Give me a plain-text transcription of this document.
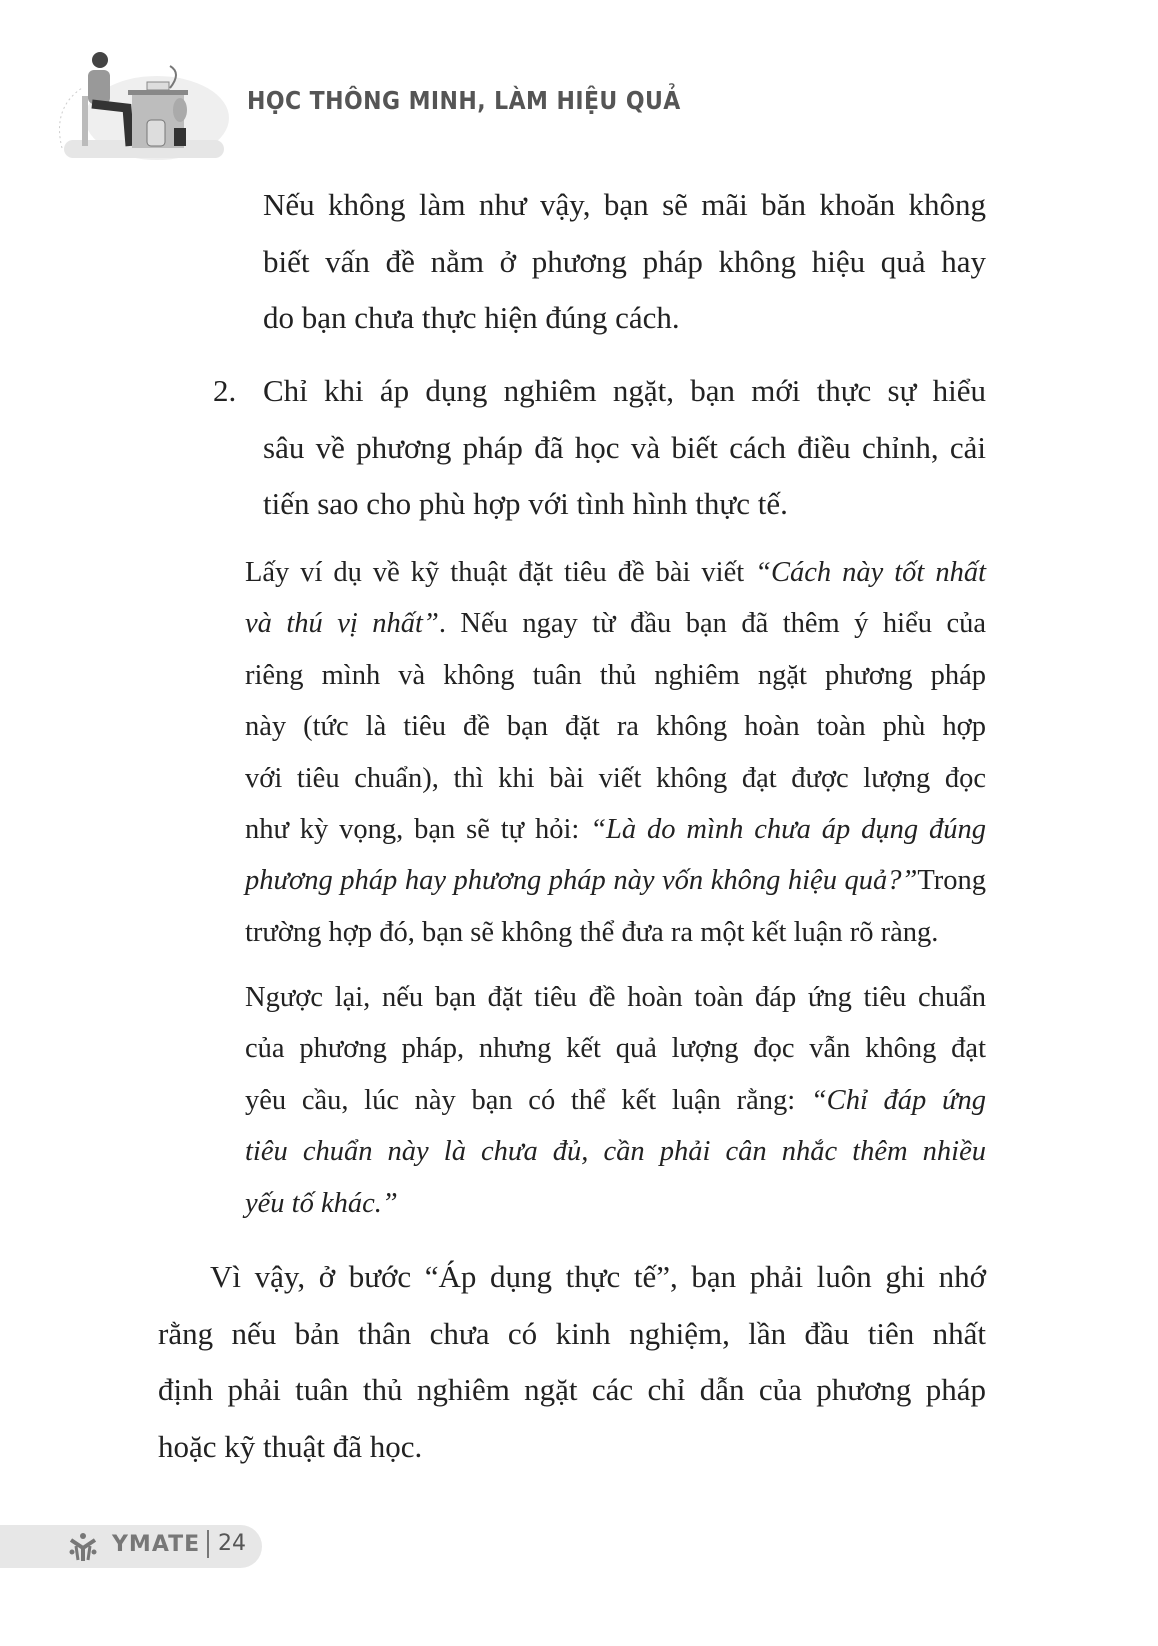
HỌC THÔNG MINH, LÀM HIỆU QUẢ
2.
Nếu không làm như vậy, bạn sẽ mãi băn khoăn không
biết vấn đề nằm ở phương pháp không hiệu quả hay
do bạn chưa thực hiện đúng cách.
Chỉ khi áp dụng nghiêm ngặt, bạn mới thực sự hiểu
sâu về phương pháp đã học và biết cách điều chỉnh, cải
tiến sao cho phù hợp với tình hình thực tế.
Lấy ví dụ về kỹ thuật đặt tiêu đề bài viết “Cách này tốt nhất
và thú vị nhất”. Nếu ngay từ đầu bạn đã thêm ý hiểu của
riêng mình và không tuân thủ nghiêm ngặt phương pháp
này (tức là tiêu đề bạn đặt ra không hoàn toàn phù hợp
với tiêu chuẩn), thì khi bài viết không đạt được lượng đọc
như kỳ vọng, bạn sẽ tự hỏi: “Là do mình chưa áp dụng đúng
phương pháp hay phương pháp này vốn không hiệu quả?”Trong
trường hợp đó, bạn sẽ không thể đưa ra một kết luận rõ ràng.
Ngược lại, nếu bạn đặt tiêu đề hoàn toàn đáp ứng tiêu chuẩn
của phương pháp, nhưng kết quả lượng đọc vẫn không đạt
yêu cầu, lúc này bạn có thể kết luận rằng: “Chỉ đáp ứng
tiêu chuẩn này là chưa đủ, cần phải cân nhắc thêm nhiều
yếu tố khác.”
Vì vậy, ở bước “Áp dụng thực tế”, bạn phải luôn ghi nhớ
rằng nếu bản thân chưa có kinh nghiệm, lần đầu tiên nhất
định phải tuân thủ nghiêm ngặt các chỉ dẫn của phương pháp
hoặc kỹ thuật đã học.
YMATE 24
